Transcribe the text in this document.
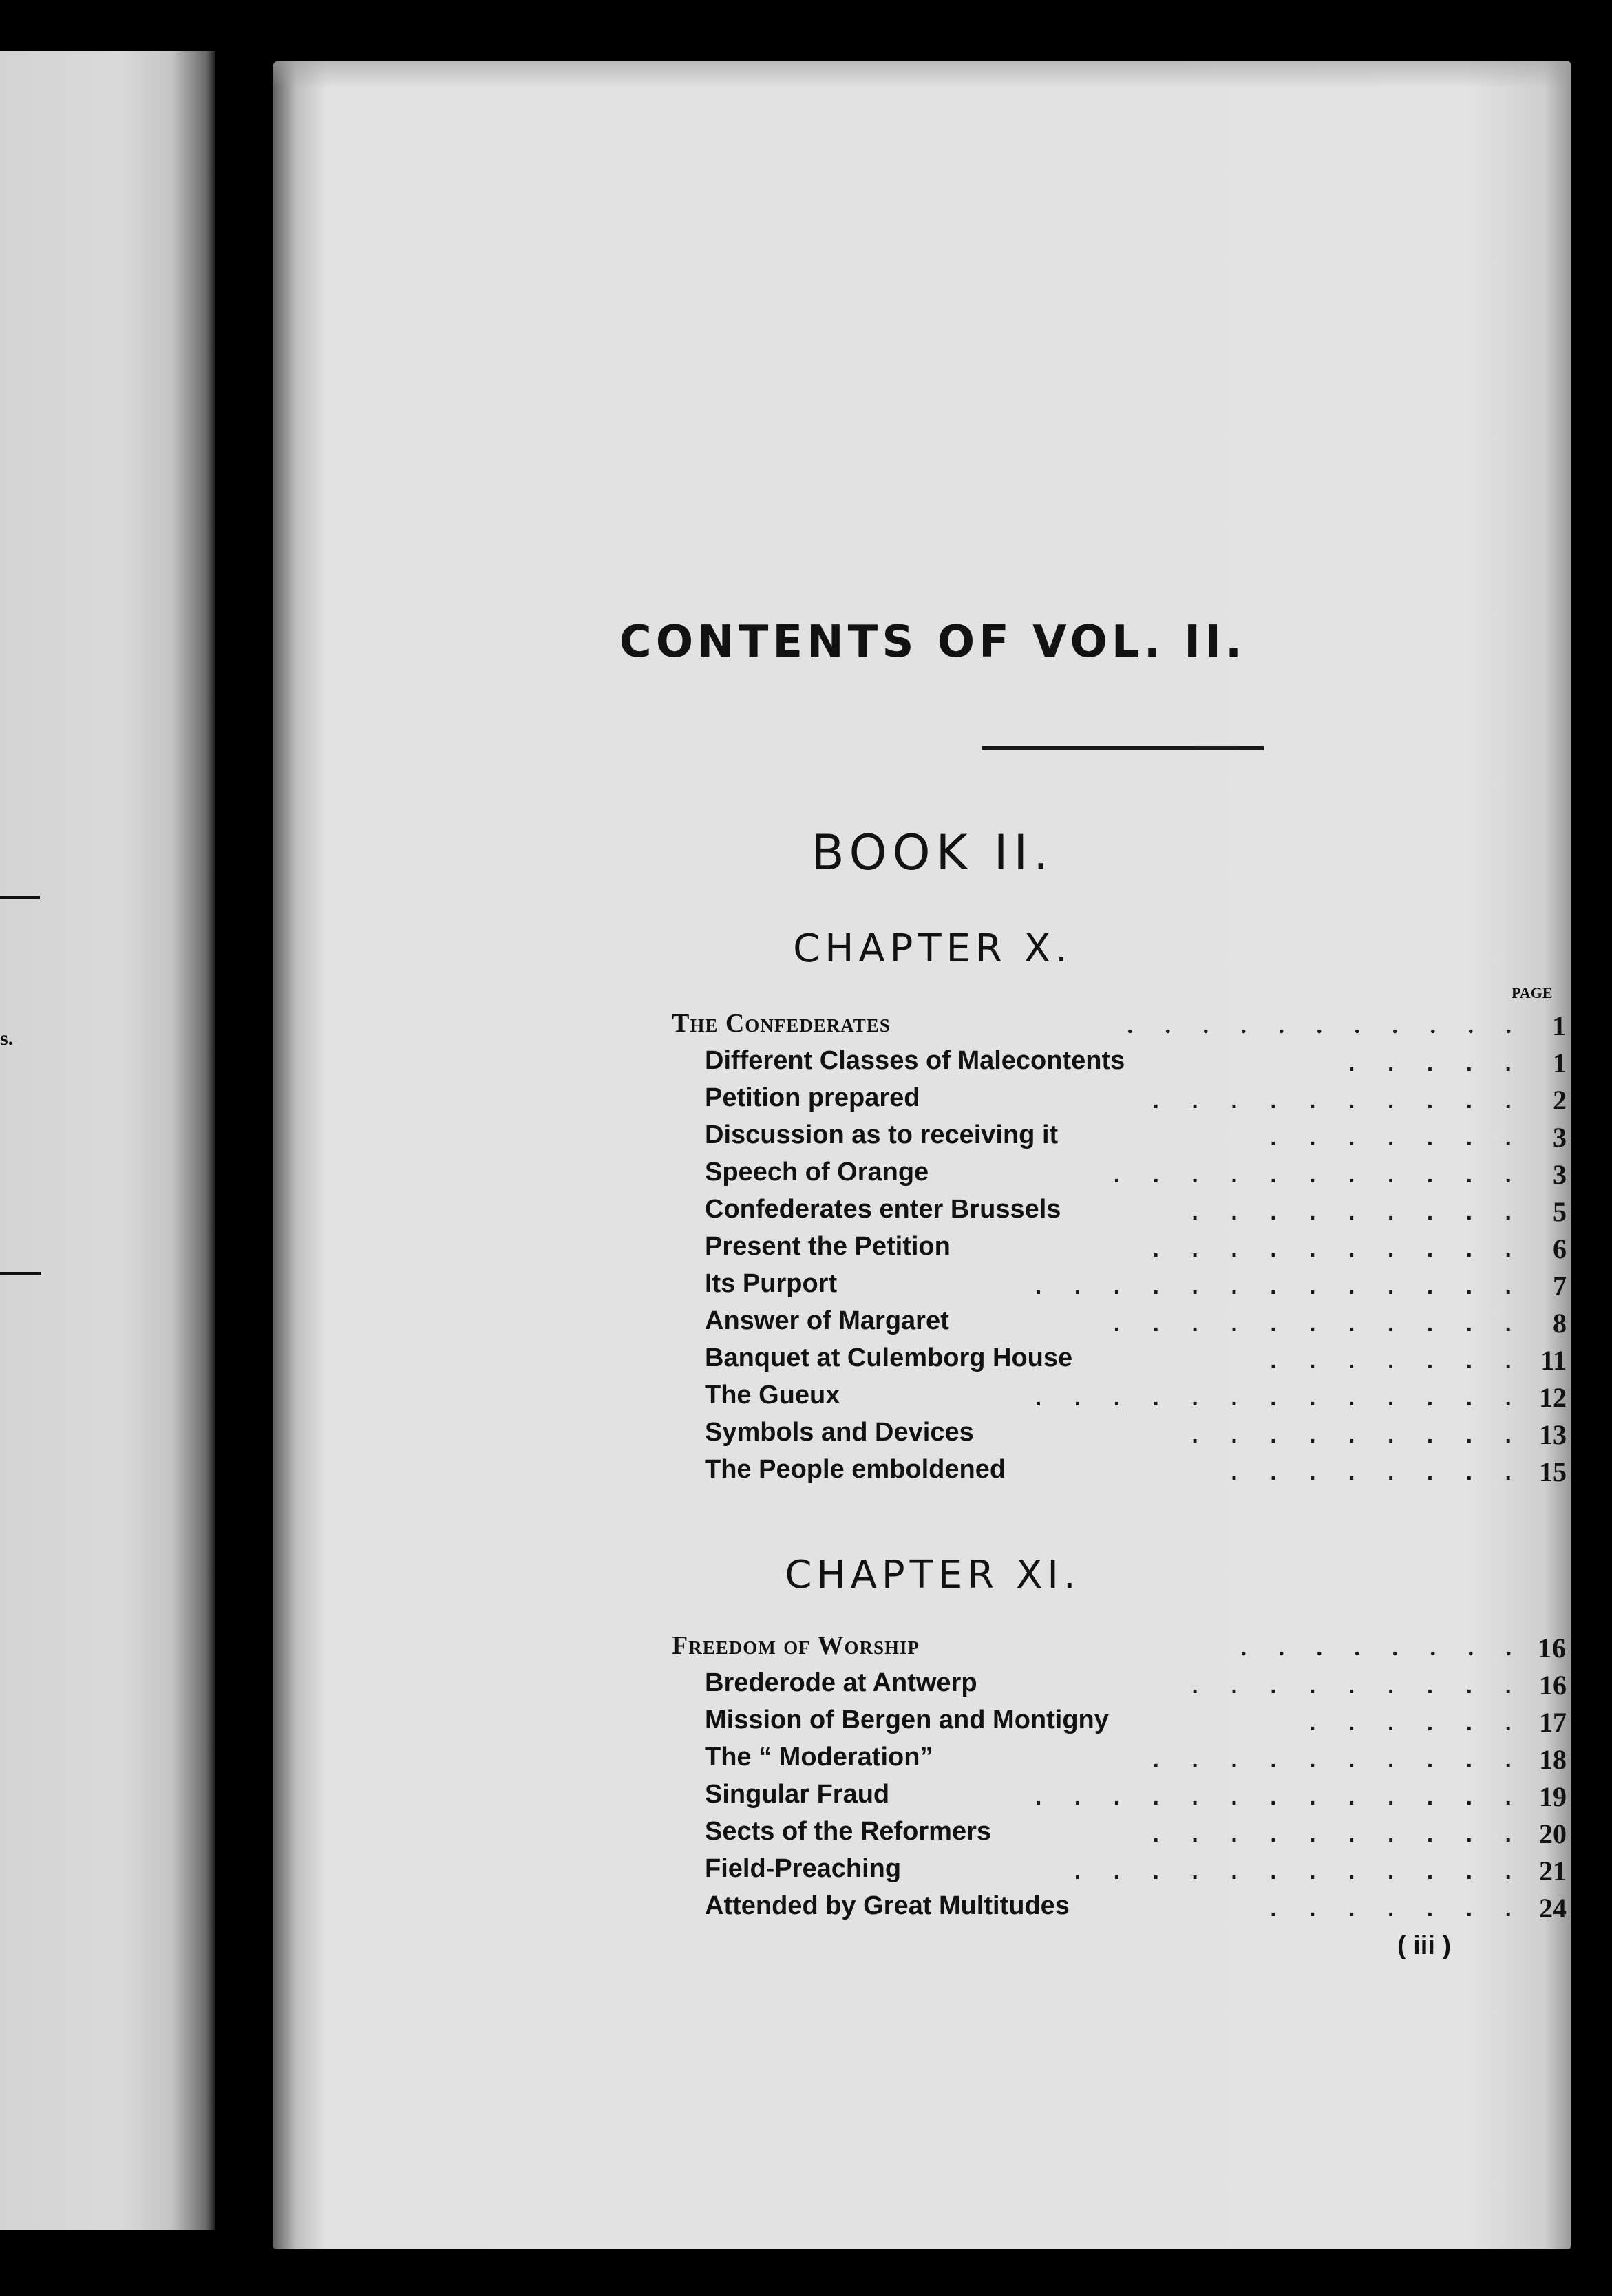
s.
CONTENTS OF VOL. II.
BOOK II.
CHAPTER X.
PAGE
The Confederates	. . . . . . . . . . .	1
Different Classes of Malecontents	. . . . .	1
Petition prepared	. . . . . . . . . .	2
Discussion as to receiving it	. . . . . . .	3
Speech of Orange	. . . . . . . . . . .	3
Confederates enter Brussels	. . . . . . . . .	5
Present the Petition	. . . . . . . . . .	6
Its Purport	. . . . . . . . . . . . .	7
Answer of Margaret	. . . . . . . . . . .	8
Banquet at Culemborg House	. . . . . . .	11
The Gueux	. . . . . . . . . . . . .	12
Symbols and Devices	. . . . . . . . .	13
The People emboldened	. . . . . . . .	15
CHAPTER XI.
Freedom of Worship	. . . . . . . . 16
Brederode at Antwerp	. . . . . . . . .	16
Mission of Bergen and Montigny	. . . . . .	17
The “ Moderation”	. . . . . . . . . .	18
Singular Fraud	. . . . . . . . . . . . .	19
Sects of the Reformers	. . . . . . . . . .	20
Field-Preaching	. . . . . . . . . . . .	21
Attended by Great Multitudes	. . . . . . .	24
( iii )
